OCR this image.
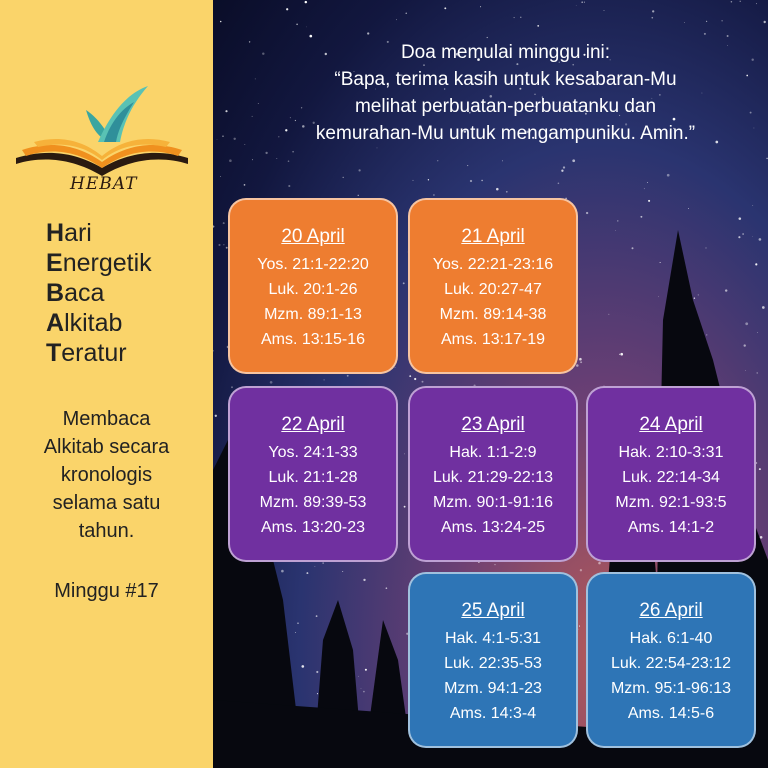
HEBAT
Hari
Energetik
Baca
Alkitab
Teratur
Membaca
Alkitab secara
kronologis
selama satu
tahun.
Minggu #17
Doa memulai minggu ini:
“Bapa, terima kasih untuk kesabaran-Mu
melihat perbuatan-perbuatanku dan
kemurahan-Mu untuk mengampuniku. Amin.”
20 April
Yos. 21:1-22:20
Luk. 20:1-26
Mzm. 89:1-13
Ams. 13:15-16
21 April
Yos. 22:21-23:16
Luk. 20:27-47
Mzm. 89:14-38
Ams. 13:17-19
22 April
Yos. 24:1-33
Luk. 21:1-28
Mzm. 89:39-53
Ams. 13:20-23
23 April
Hak. 1:1-2:9
Luk. 21:29-22:13
Mzm. 90:1-91:16
Ams. 13:24-25
24 April
Hak. 2:10-3:31
Luk. 22:14-34
Mzm. 92:1-93:5
Ams. 14:1-2
25 April
Hak. 4:1-5:31
Luk. 22:35-53
Mzm. 94:1-23
Ams. 14:3-4
26 April
Hak. 6:1-40
Luk. 22:54-23:12
Mzm. 95:1-96:13
Ams. 14:5-6
